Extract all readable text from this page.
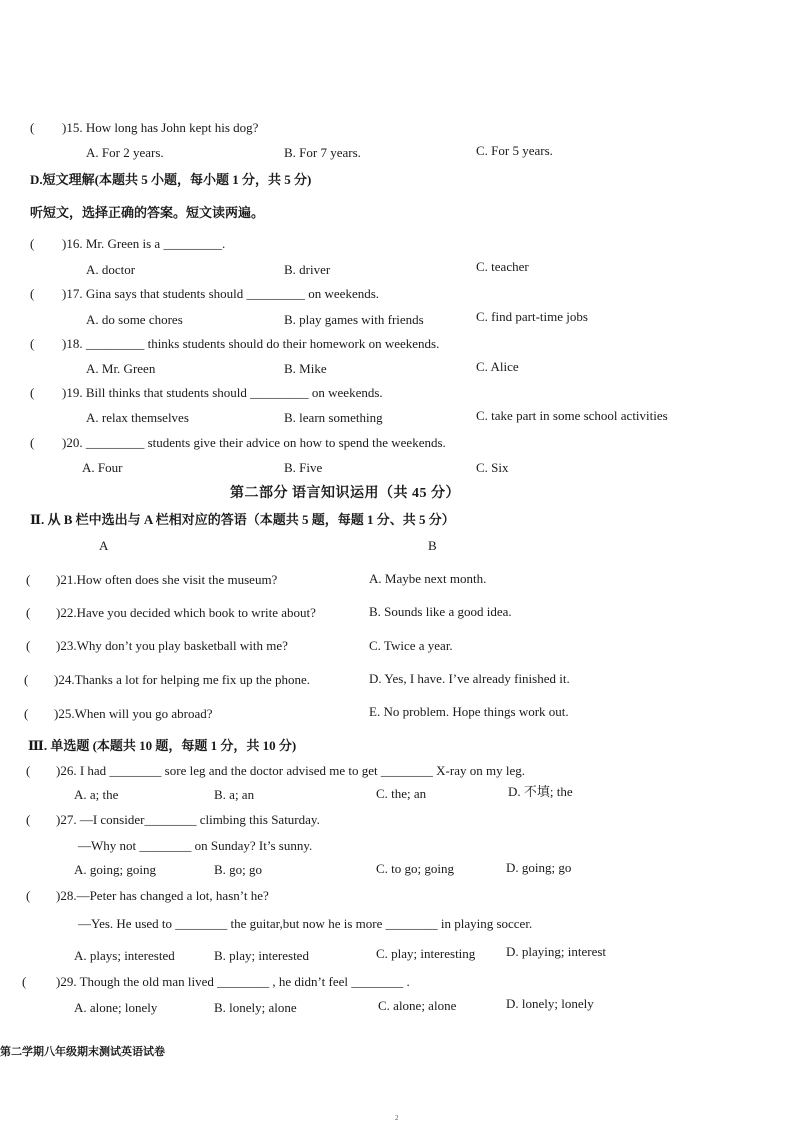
( )15. How long has John kept his dog?
A. For 2 years.	B. For 7 years.	C. For 5 years.
D.短文理解(本题共 5 小题，每小题 1 分，共 5 分)
听短文，选择正确的答案。短文读两遍。
( )16. Mr. Green is a _________.
A. doctor	B. driver	C. teacher
( )17. Gina says that students should _________ on weekends.
A. do some chores	B. play games with friends	C. find part-time jobs
( )18. _________ thinks students should do their homework on weekends.
A. Mr. Green	B. Mike	C. Alice
( )19. Bill thinks that students should _________ on weekends.
A. relax themselves	B. learn something	C. take part in some school activities
( )20. _________ students give their advice on how to spend the weekends.
A. Four	B. Five	C. Six
第二部分 语言知识运用（共 45 分）
Ⅱ. 从 B 栏中选出与 A 栏相对应的答语（本题共 5 题，每题 1 分、共 5 分）
A	B
( )21.How often does she visit the museum?	A. Maybe next month.
( )22.Have you decided which book to write about?	B. Sounds like a good idea.
( )23.Why don’t you play basketball with me?	C. Twice a year.
( )24.Thanks a lot for helping me fix up the phone.	D. Yes, I have. I’ve already finished it.
( )25.When will you go abroad?	E. No problem. Hope things work out.
Ⅲ. 单选题 (本题共 10 题，每题 1 分，共 10 分)
( )26. I had ________ sore leg and the doctor advised me to get ________ X-ray on my leg.
A. a; the	B. a; an	C. the; an	D. 不填; the
( )27. —I consider________ climbing this Saturday.
—Why not ________ on Sunday? It’s sunny.
A. going; going	B. go; go	C. to go; going	D. going; go
( )28.—Peter has changed a lot, hasn’t he?
—Yes. He used to ________ the guitar,but now he is more ________ in playing soccer.
A. plays; interested	B. play; interested	C. play; interesting D. playing; interest
( )29. Though the old man lived ________ , he didn’t feel ________ .
A. alone; lonely	B. lonely; alone	C. alone; alone	D. lonely; lonely
第二学期八年级期末测试英语试卷
2
